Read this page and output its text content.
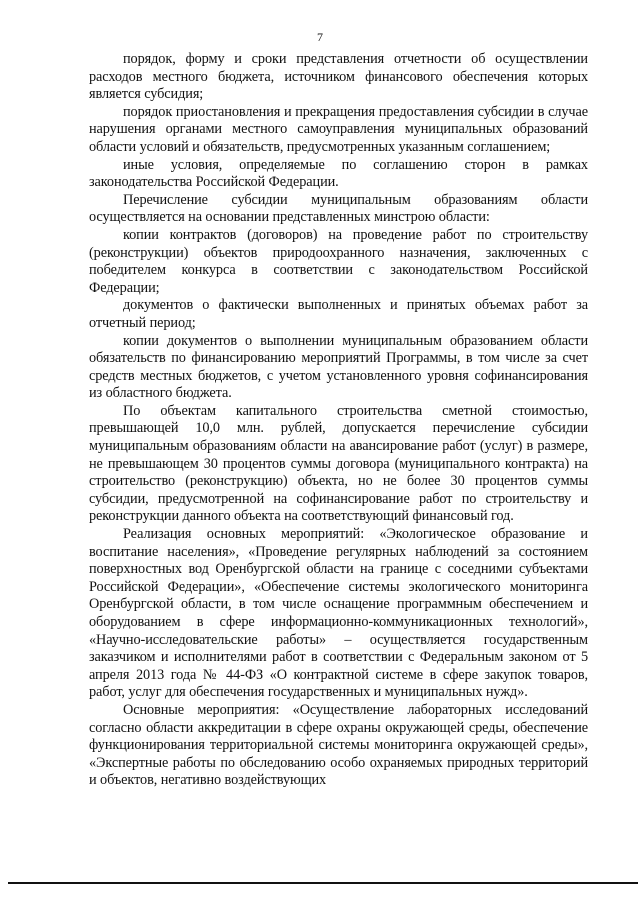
7

порядок, форму и сроки представления отчетности об осуществлении расходов местного бюджета, источником финансового обеспечения которых является субсидия;

порядок приостановления и прекращения предоставления субсидии в случае нарушения органами местного самоуправления муниципальных образований области условий и обязательств, предусмотренных указанным соглашением;

иные условия, определяемые по соглашению сторон в рамках законодательства Российской Федерации.

Перечисление субсидии муниципальным образованиям области осуществляется на основании представленных минстрою области:

копии контрактов (договоров) на проведение работ по строительству (реконструкции) объектов природоохранного назначения, заключенных с победителем конкурса в соответствии с законодательством Российской Федерации;

документов о фактически выполненных и принятых объемах работ за отчетный период;

копии документов о выполнении муниципальным образованием области обязательств по финансированию мероприятий Программы, в том числе за счет средств местных бюджетов, с учетом установленного уровня софинансирования из областного бюджета.

По объектам капитального строительства сметной стоимостью, превышающей 10,0 млн. рублей, допускается перечисление субсидии муниципальным образованиям области на авансирование работ (услуг) в размере, не превышающем 30 процентов суммы договора (муниципального контракта) на строительство (реконструкцию) объекта, но не более 30 процентов суммы субсидии, предусмотренной на софинансирование работ по строительству и реконструкции данного объекта на соответствующий финансовый год.

Реализация основных мероприятий: «Экологическое образование и воспитание населения», «Проведение регулярных наблюдений за состоянием поверхностных вод Оренбургской области на границе с соседними субъектами Российской Федерации», «Обеспечение системы экологического мониторинга Оренбургской области, в том числе оснащение программным обеспечением и оборудованием в сфере информационно-коммуникационных технологий», «Научно-исследовательские работы» – осуществляется государственным заказчиком и исполнителями работ в соответствии с Федеральным законом от 5 апреля 2013 года № 44-ФЗ «О контрактной системе в сфере закупок товаров, работ, услуг для обеспечения государственных и муниципальных нужд».

Основные мероприятия: «Осуществление лабораторных исследований согласно области аккредитации в сфере охраны окружающей среды, обеспечение функционирования территориальной системы мониторинга окружающей среды», «Экспертные работы по обследованию особо охраняемых природных территорий и объектов, негативно воздействующих
